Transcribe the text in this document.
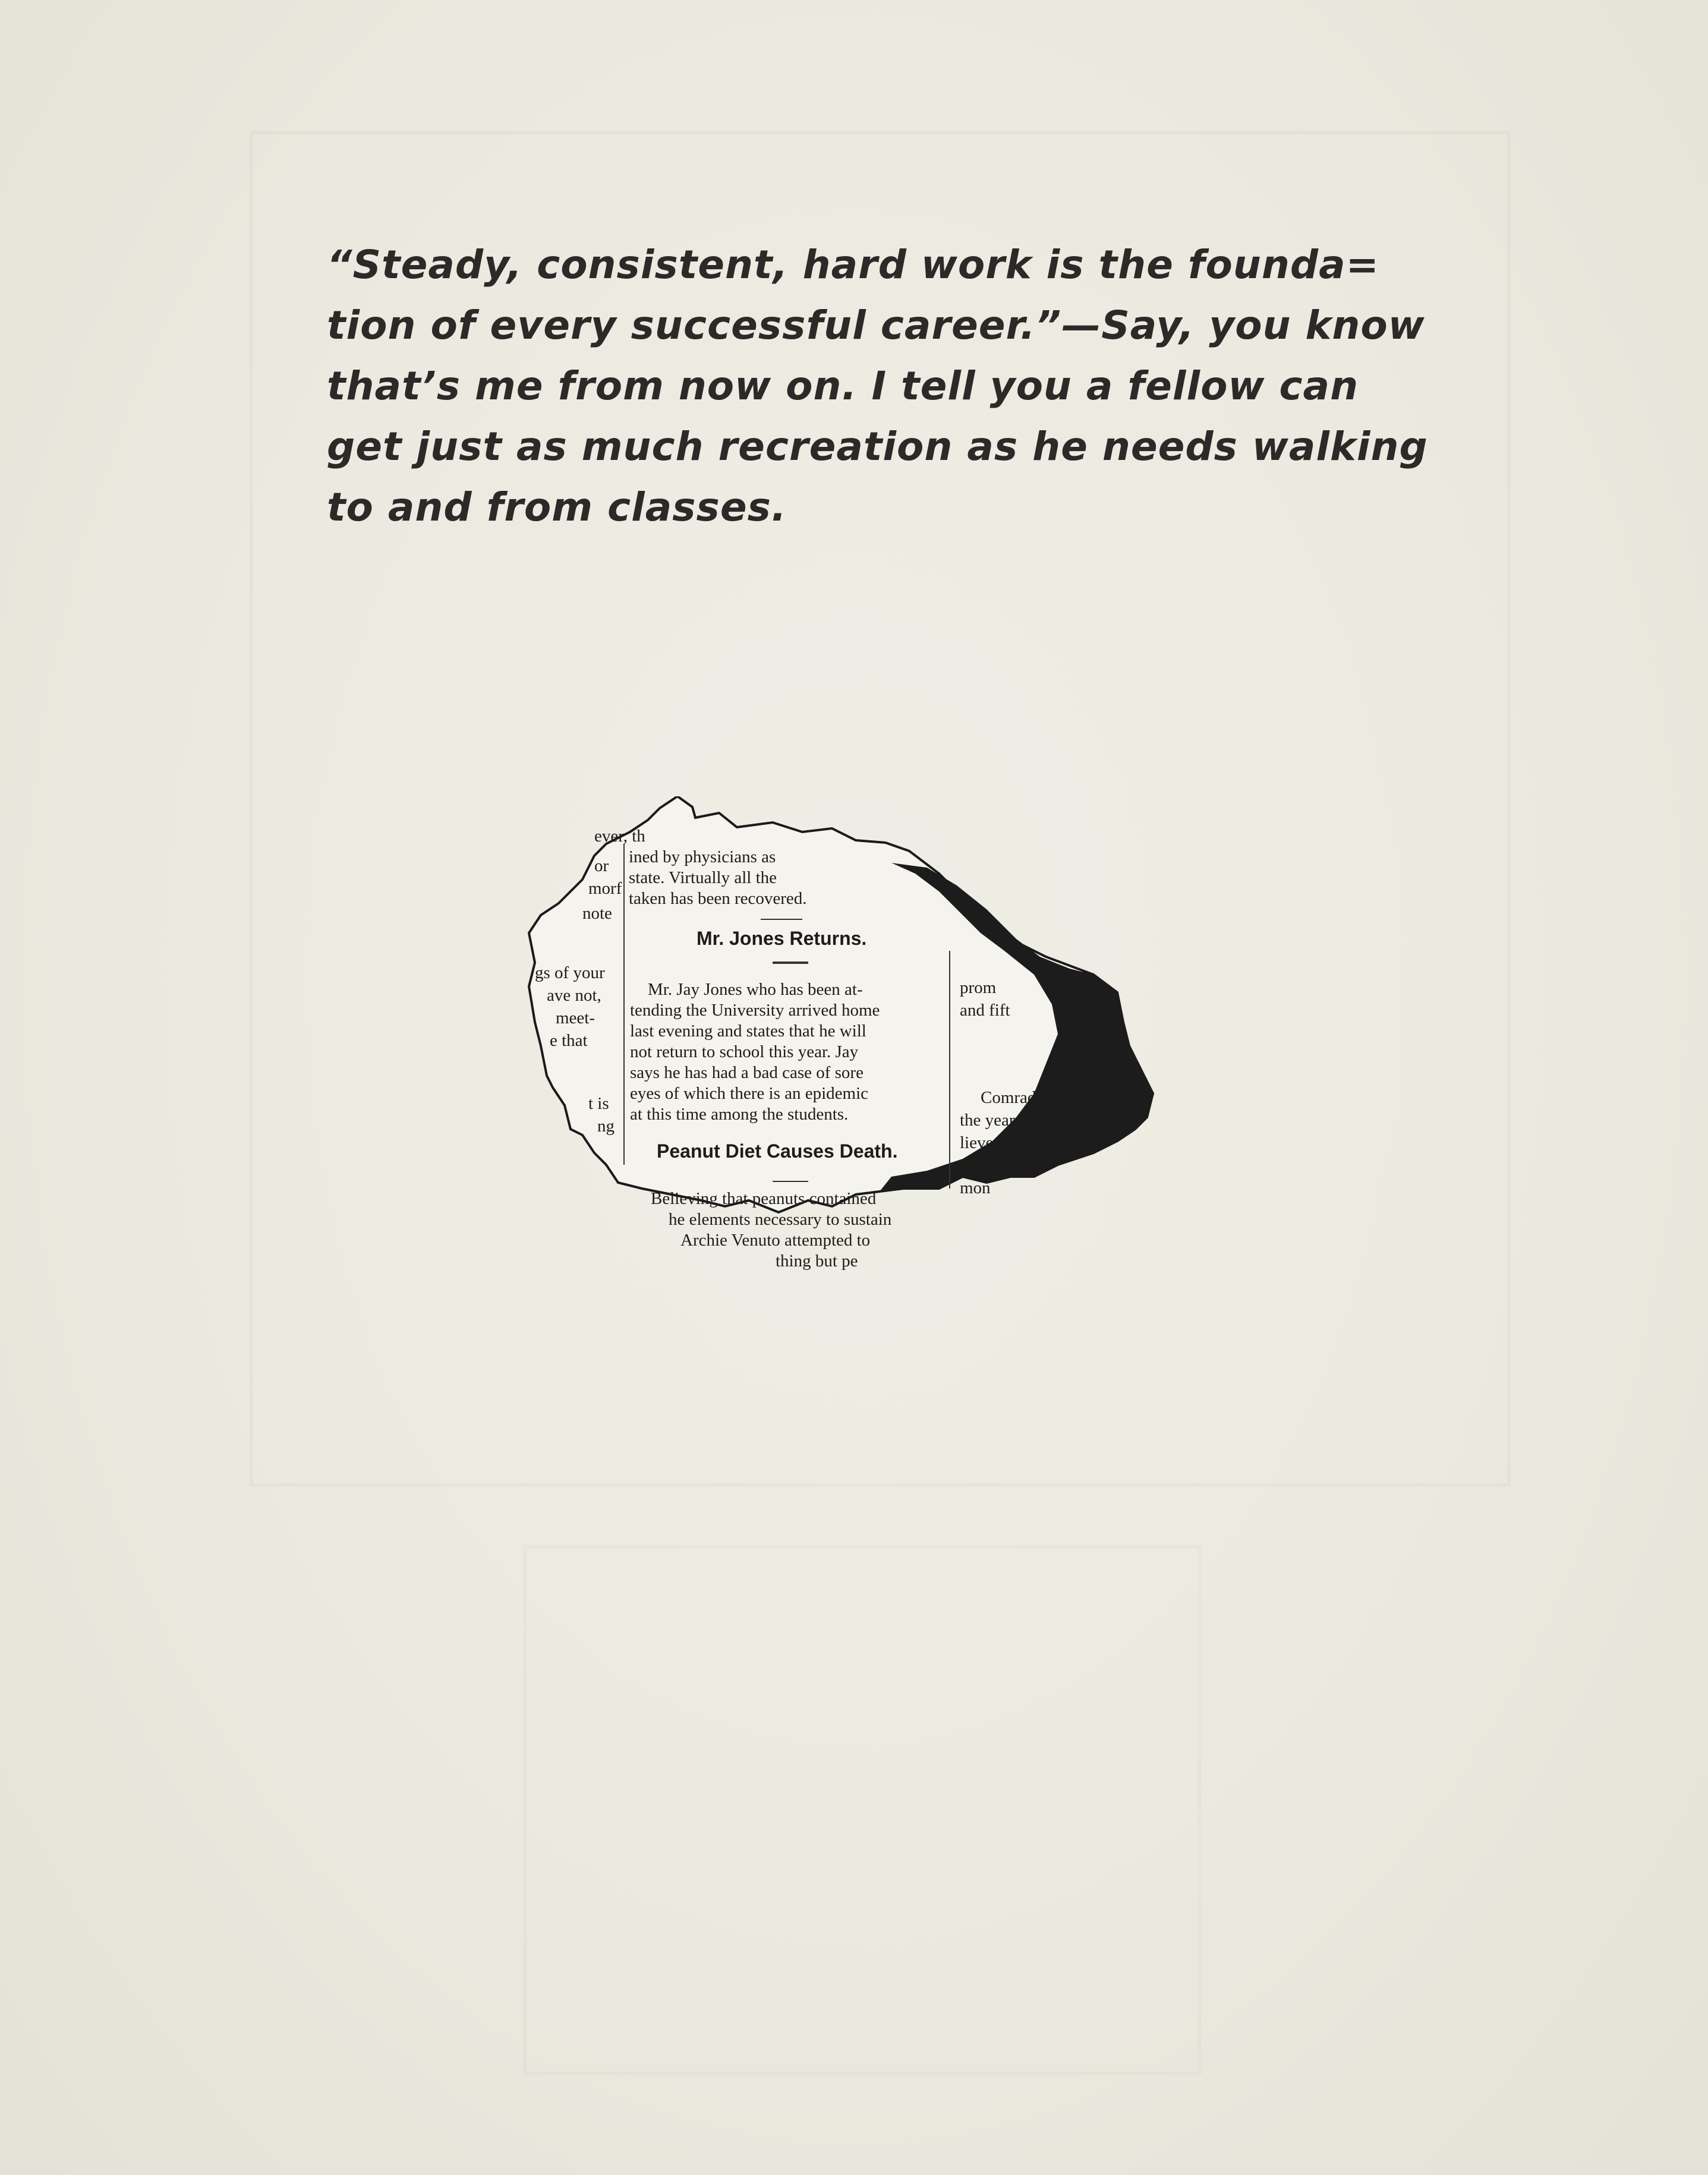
“Steady, consistent, hard work is the founda=
tion of every successful career.”—Say, you know
that’s me from now on. I tell you a fellow can
get just as much recreation as he needs walking
to and from classes.
ever, th
ined by physicians as
state. Virtually all the
taken has been recovered.
or
morf
note
gs of your
ave not,
meet-
e that
t is
ng
Mr. Jones Returns.
Mr. Jay Jones who has been at-
tending the University arrived home
last evening and states that he will
not return to school this year. Jay
says he has had a bad case of sore
eyes of which there is an epidemic
at this time among the students.
Peanut Diet Causes Death.
Believing that peanuts contained
he elements necessary to sustain
Archie Venuto attempted to
thing but pe
prom
and fift
Comrad
the year r
lieve that
can, wi
mon
